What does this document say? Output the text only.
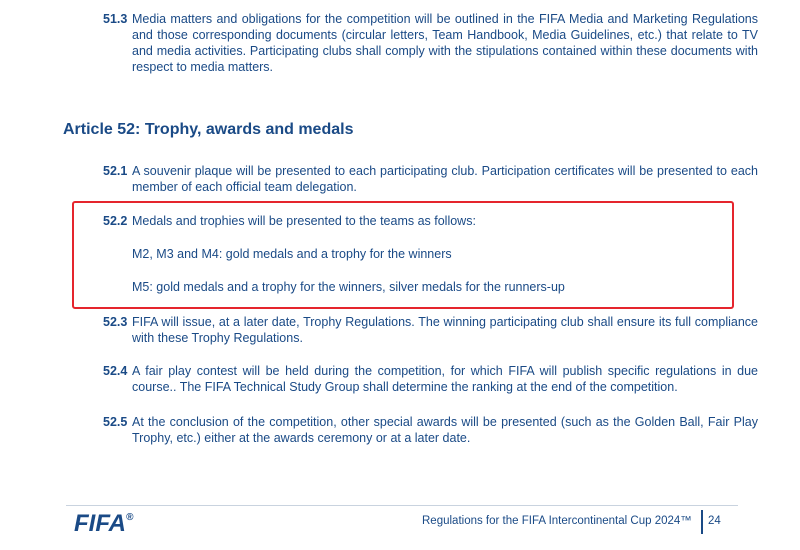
51.3 Media matters and obligations for the competition will be outlined in the FIFA Media and Marketing Regulations and those corresponding documents (circular letters, Team Handbook, Media Guidelines, etc.) that relate to TV and media activities. Participating clubs shall comply with the stipulations contained within these documents with respect to media matters.
Article 52: Trophy, awards and medals
52.1 A souvenir plaque will be presented to each participating club. Participation certificates will be presented to each member of each official team delegation.
52.2 Medals and trophies will be presented to the teams as follows:
M2, M3 and M4: gold medals and a trophy for the winners
M5: gold medals and a trophy for the winners, silver medals for the runners-up
52.3 FIFA will issue, at a later date, Trophy Regulations. The winning participating club shall ensure its full compliance with these Trophy Regulations.
52.4 A fair play contest will be held during the competition, for which FIFA will publish specific regulations in due course.. The FIFA Technical Study Group shall determine the ranking at the end of the competition.
52.5 At the conclusion of the competition, other special awards will be presented (such as the Golden Ball, Fair Play Trophy, etc.) either at the awards ceremony or at a later date.
FIFA®	Regulations for the FIFA Intercontinental Cup 2024™ 24
